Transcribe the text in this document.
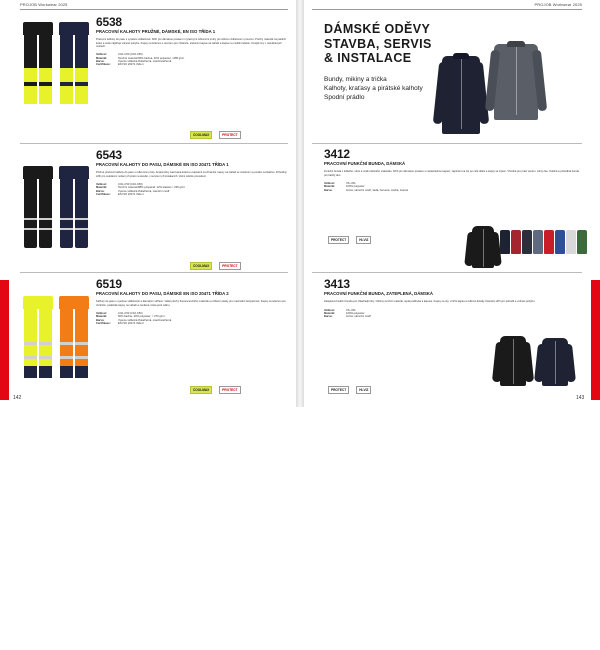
PROJOB Workwear 2025
DÁMSKÉ ODĚVY
142
6538
PRACOVNÍ KALHOTY PRUŽNÉ, DÁMSKÉ, EN ISO TŘÍDA 1
Pracovní kalhoty do pasu s vysokou viditelností. Střih pro dámskou postavu s výraznými reflexními pruhy pro dobrou viditelnost v provozu. Pružný materiál na partiích kolen a sedu zajišťuje volnost pohybu. Kapsy na kolenou s otvorem pro chrániče, stehenní kapsa na nářadí a kapsa na mobilní telefon. Dvojité švy v namáhaných místech.
Velikost:	C34–C50 (C34-C50)
Materiál:	Svrchní materiál 60% bavlna, 40% polyester, ≈285 g/m²
Barva:	Vysoce viditelná žlutá/černá, oranžová/černá
Certifikace:	EN ISO 20471 třída 1
COOLMAX	PROTECT
6543
PRACOVNÍ KALHOTY DO PASU, DÁMSKÉ EN ISO 20471 TŘÍDA 1
Pružné pracovní kalhoty do pasu s reflexními prvky. Anatomicky tvarovaná kolena s kapsami na chrániče, kapsy na nářadí se zesílením a poutko na kladivo. Pohodlný střih pro celodenní nošení při práci na stavbě, v servisu i při instalacích. Velmi odolné provedení.
Velikost:	C34–C50 (C34-C50)
Materiál:	Svrchní materiál 88% polyamid, 12% elastan ≈ 235 g/m²
Barva:	Vysoce viditelná žlutá/černá, námořní modř
Certifikace:	EN ISO 20471 třída 1
COOLMAX	PROTECT
6519
PRACOVNÍ KALHOTY DO PASU, DÁMSKÉ EN ISO 20471 TŘÍDA 2
Kalhoty do pasu s vysokou viditelností a dámským střihem. Velké plochy fluorescenčního materiálu a reflexní pásky pro maximální bezpečnost. Kapsy na kolenou pro chrániče, praktické kapsy na nářadí a zesílená místa proti oděru.
Velikost:	C34–C50 (C34-C50)
Materiál:	60% bavlna, 40% polyester, ≈ 270 g/m²
Barva:	Vysoce viditelná žlutá/černá, oranžová/černá
Certifikace:	EN ISO 20471 třída 2
COOLMAX	PROTECT
PROJOB Workwear 2025
143
DÁMSKÉ ODĚVY
STAVBA, SERVIS
& INSTALACE
Bundy, mikiny a trička
Kalhoty, kraťasy a pirátské kalhoty
Spodní prádlo
3412
PRACOVNÍ FUNKČNÍ BUNDA, DÁMSKÁ
Funkční bunda z lehkého, větru a vodě odolného materiálu. Střih pro dámskou postavu s nastavitelnou kapucí, zapínání na zip po celé délce a kapsy se zipem. Vhodná pro práci venku i volný čas. Odolná a pohodlná bunda pro každý den.
Velikost:	XS–3XL
Materiál:	100% polyester
Barva:	černá, námořní modř, šedá, červená, modrá, zelená
PROTECT	HI-VIZ
3413
PRACOVNÍ FUNKČNÍ BUNDA, ZATEPLENÁ, DÁMSKÁ
Zateplená funkční bunda pro chladnější dny. Odolný svrchní materiál, teplá podšívka a kapuce. Kapsy na zip, vnitřní kapsa a reflexní detaily. Dámský střih pro pohodlí a volnost pohybu.
Velikost:	XS–3XL
Materiál:	100% polyester
Barva:	černá, námořní modř
PROTECT	HI-VIZ
